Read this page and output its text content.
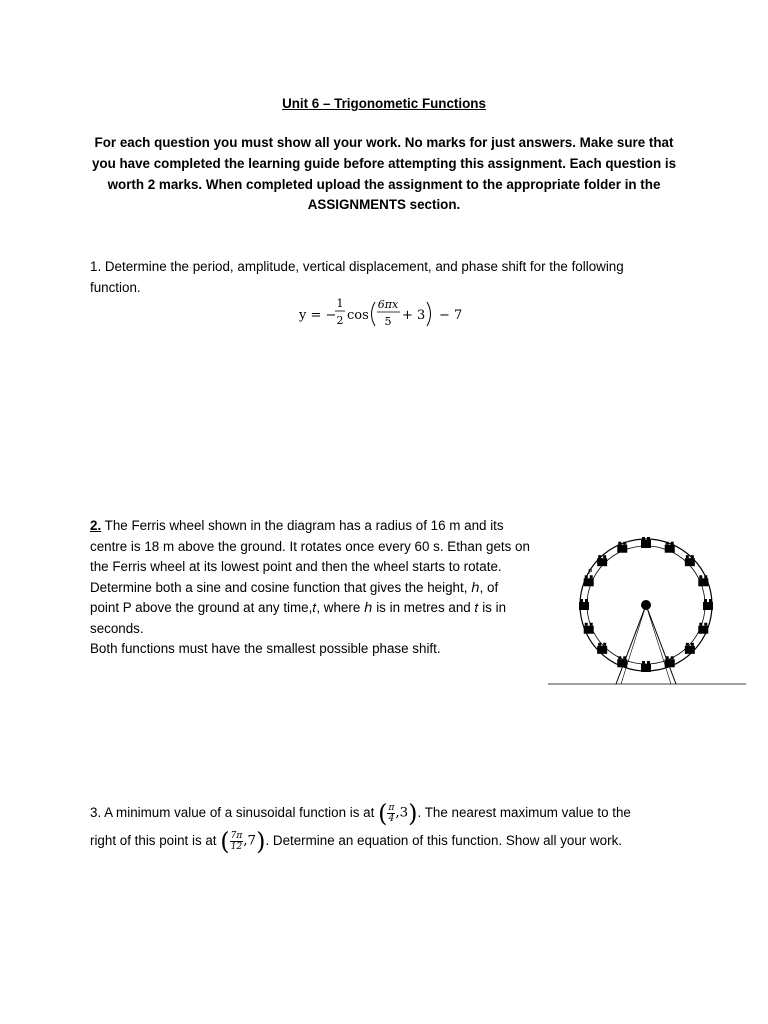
Unit 6 – Trigonometic Functions
For each question you must show all your work. No marks for just answers. Make sure that you have completed the learning guide before attempting this assignment. Each question is worth 2 marks. When completed upload the assignment to the appropriate folder in the ASSIGNMENTS section.
1. Determine the period, amplitude, vertical displacement, and phase shift for the following
function.
y = −
1
2 cos
6πx
5 + 3 − 7
2. The Ferris wheel shown in the diagram has a radius of 16 m and its centre is 18 m above the ground. It rotates once every 60 s. Ethan gets on the Ferris wheel at its lowest point and then the wheel starts to rotate. Determine both a sine and cosine function that gives the height, ℎ, of point P above the ground at any time,𝑡, where ℎ is in metres and 𝑡 is in seconds.
Both functions must have the smallest possible phase shift.
P
3. A minimum value of a sinusoidal function is at ( $\frac{\pi}{4} ,3$). The nearest maximum value to the
right of this point is at ( $\frac{7\pi}{12} ,7$). Determine an equation of this function. Show all your work.
